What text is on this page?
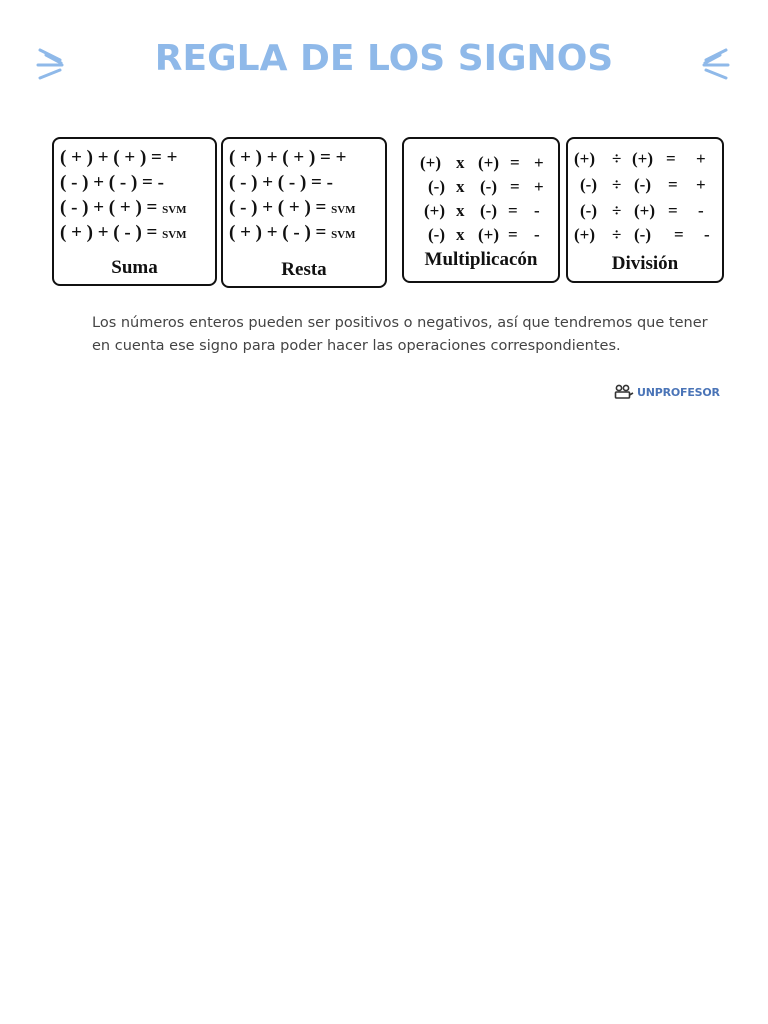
REGLA DE LOS SIGNOS
( + ) + ( + ) = +
( - ) + ( - ) = -
( - ) + ( + ) = SVM
( + ) + ( - ) = SVM
Suma
( + ) + ( + ) = +
( - ) + ( - ) = -
( - ) + ( + ) = SVM
( + ) + ( - ) = SVM
Resta
(+) x (+) = +
(-) x (-) = +
(+) x (-) = -
(-) x (+) = -
Multiplicacón
(+) ÷ (+) = +
(-) ÷ (-) = +
(-) ÷ (+) = -
(+) ÷ (-) = -
División

Los números enteros pueden ser positivos o negativos, así que tendremos que tener en cuenta ese signo para poder hacer las operaciones correspondientes.

UNPROFESOR
